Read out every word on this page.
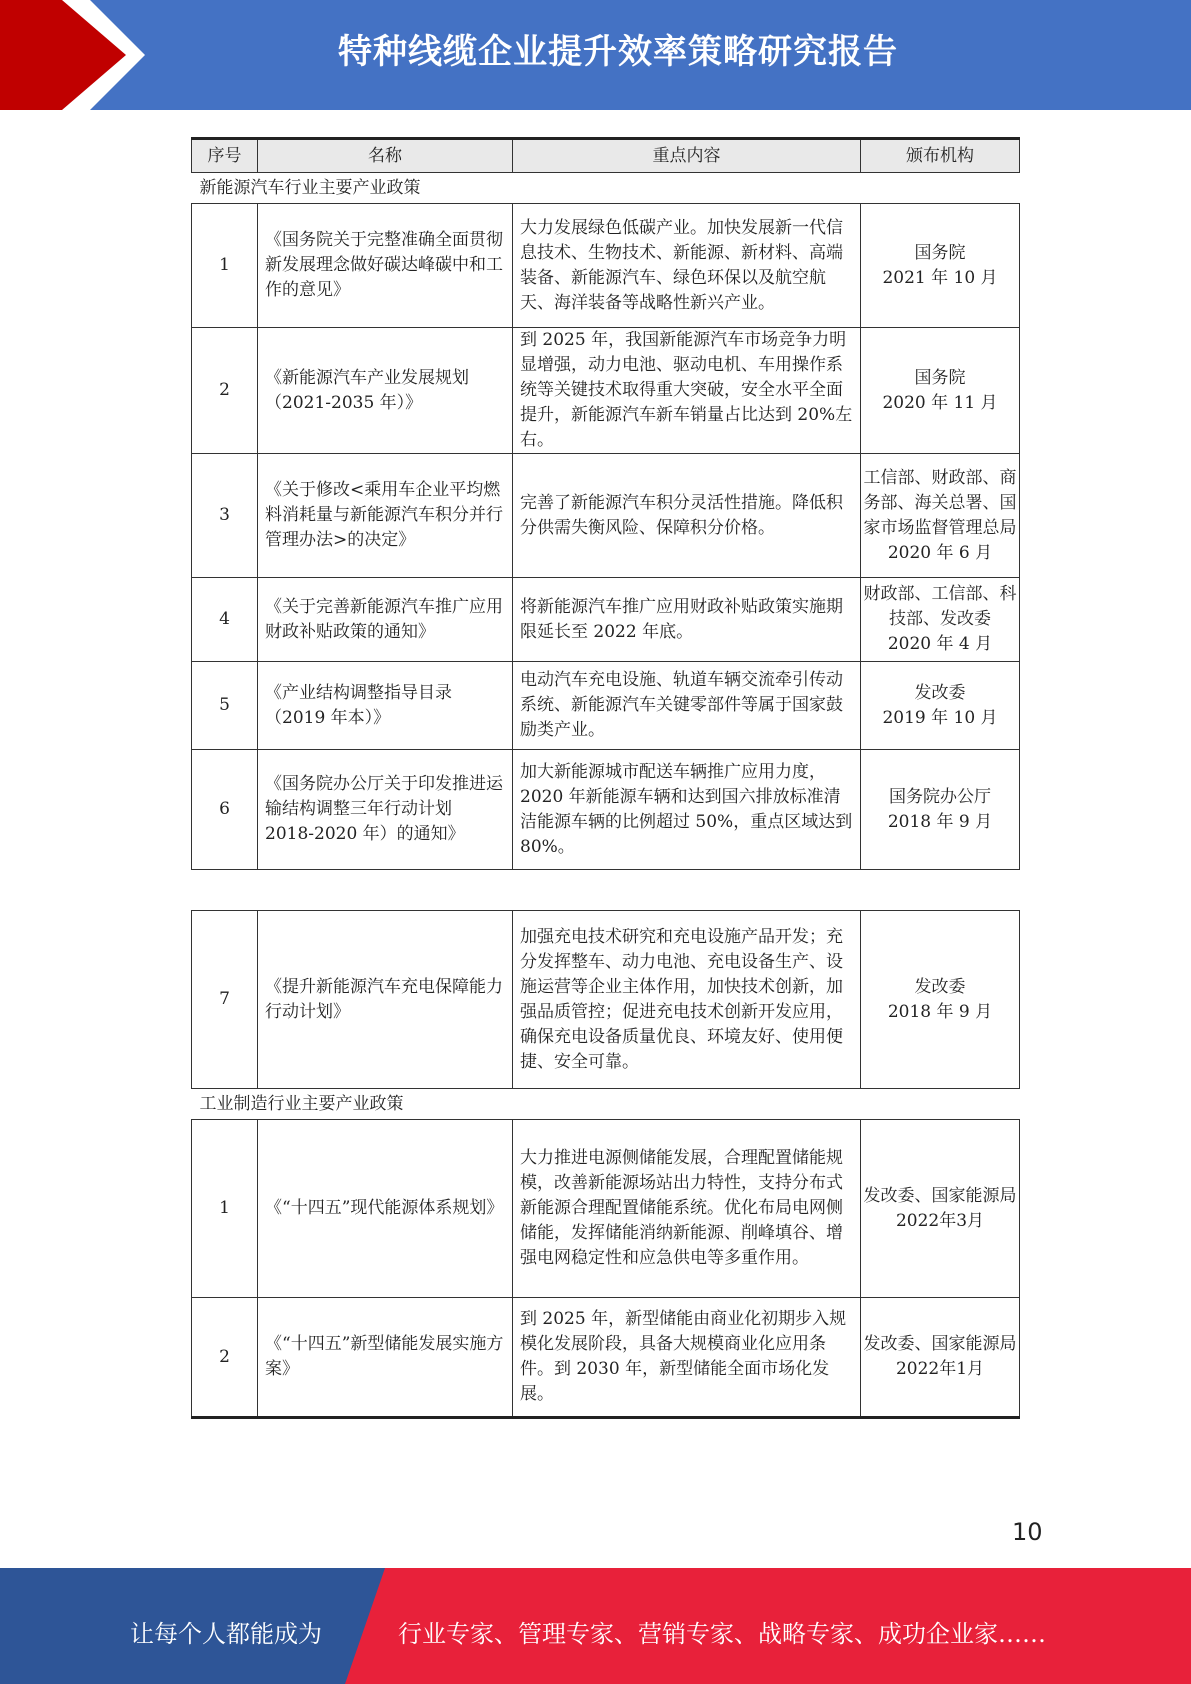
特种线缆企业提升效率策略研究报告
序号	名称	重点内容	颁布机构
新能源汽车行业主要产业政策			
1	《国务院关于完整准确全面贯彻新发展理念做好碳达峰碳中和工作的意见》	大力发展绿色低碳产业。加快发展新一代信息技术、生物技术、新能源、新材料、高端装备、新能源汽车、绿色环保以及航空航天、海洋装备等战略性新兴产业。	国务院
2021 年 10 月
2	《新能源汽车产业发展规划（2021-2035 年）》	到 2025 年，我国新能源汽车市场竞争力明显增强，动力电池、驱动电机、车用操作系统等关键技术取得重大突破，安全水平全面提升，新能源汽车新车销量占比达到 20%左右。	国务院
2020 年 11 月
3	《关于修改<乘用车企业平均燃料消耗量与新能源汽车积分并行管理办法>的决定》	完善了新能源汽车积分灵活性措施。降低积分供需失衡风险、保障积分价格。	工信部、财政部、商务部、海关总署、国家市场监督管理总局
2020 年 6 月
4	《关于完善新能源汽车推广应用财政补贴政策的通知》	将新能源汽车推广应用财政补贴政策实施期限延长至 2022 年底。	财政部、工信部、科技部、发改委
2020 年 4 月
5	《产业结构调整指导目录（2019 年本）》	电动汽车充电设施、轨道车辆交流牵引传动系统、新能源汽车关键零部件等属于国家鼓励类产业。	发改委
2019 年 10 月
6	《国务院办公厅关于印发推进运输结构调整三年行动计划 2018-2020 年）的通知》	加大新能源城市配送车辆推广应用力度，2020 年新能源车辆和达到国六排放标准清洁能源车辆的比例超过 50%，重点区域达到 80%。	国务院办公厅
2018 年 9 月
7	《提升新能源汽车充电保障能力行动计划》	加强充电技术研究和充电设施产品开发；充分发挥整车、动力电池、充电设备生产、设施运营等企业主体作用，加快技术创新，加强品质管控；促进充电技术创新开发应用，确保充电设备质量优良、环境友好、使用便捷、安全可靠。	发改委
2018 年 9 月
工业制造行业主要产业政策			
1	《“十四五”现代能源体系规划》	大力推进电源侧储能发展，合理配置储能规模，改善新能源场站出力特性，支持分布式新能源合理配置储能系统。优化布局电网侧储能，发挥储能消纳新能源、削峰填谷、增强电网稳定性和应急供电等多重作用。	发改委、国家能源局
2022年3月
2	《“十四五”新型储能发展实施方案》	到 2025 年，新型储能由商业化初期步入规模化发展阶段，具备大规模商业化应用条件。到 2030 年，新型储能全面市场化发展。	发改委、国家能源局
2022年1月
10
让每个人都能成为	行业专家、管理专家、营销专家、战略专家、成功企业家……
